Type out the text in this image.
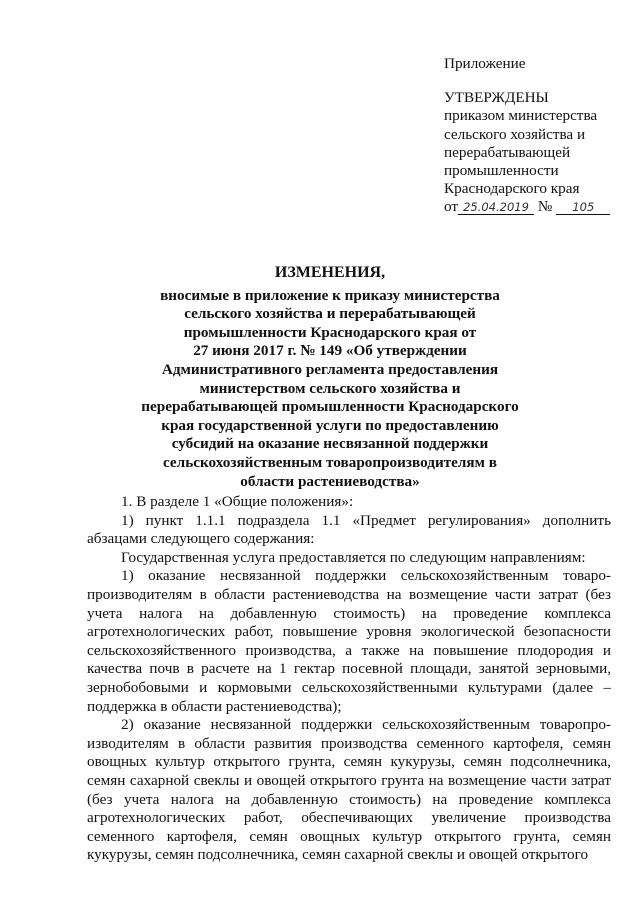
Приложение
УТВЕРЖДЕНЫ
приказом министерства
сельского хозяйства и
перерабатывающей
промышленности
Краснодарского края
от 25.04.2019 № 105
ИЗМЕНЕНИЯ,
вносимые в приложение к приказу министерства
сельского хозяйства и перерабатывающей
промышленности Краснодарского края от
27 июня 2017 г. № 149 «Об утверждении
Административного регламента предоставления
министерством сельского хозяйства и
перерабатывающей промышленности Краснодарского
края государственной услуги по предоставлению
субсидий на оказание несвязанной поддержки
сельскохозяйственным товаропроизводителям в
области растениеводства»

1. В разделе 1 «Общие положения»:

1) пункт 1.1.1 подраздела 1.1 «Предмет регулирования» дополнить абзацами следующего содержания:

Государственная услуга предоставляется по следующим направлениям:

1) оказание несвязанной поддержки сельскохозяйственным товаро-производителям в области растениеводства на возмещение части затрат (без учета налога на добавленную стоимость) на проведение комплекса агротехнологических работ, повышение уровня экологической безопасности сельскохозяйственного производства, а также на повышение плодородия и качества почв в расчете на 1 гектар посевной площади, занятой зерновыми, зернобобовыми и кормовыми сельскохозяйственными культурами (далее – поддержка в области растениеводства);

2) оказание несвязанной поддержки сельскохозяйственным товаропро-изводителям в области развития производства семенного картофеля, семян овощных культур открытого грунта, семян кукурузы, семян подсолнечника, семян сахарной свеклы и овощей открытого грунта на возмещение части затрат (без учета налога на добавленную стоимость) на проведение комплекса агротехнологических работ, обеспечивающих увеличение производства семенного картофеля, семян овощных культур открытого грунта, семян кукурузы, семян подсолнечника, семян сахарной свеклы и овощей открытого
